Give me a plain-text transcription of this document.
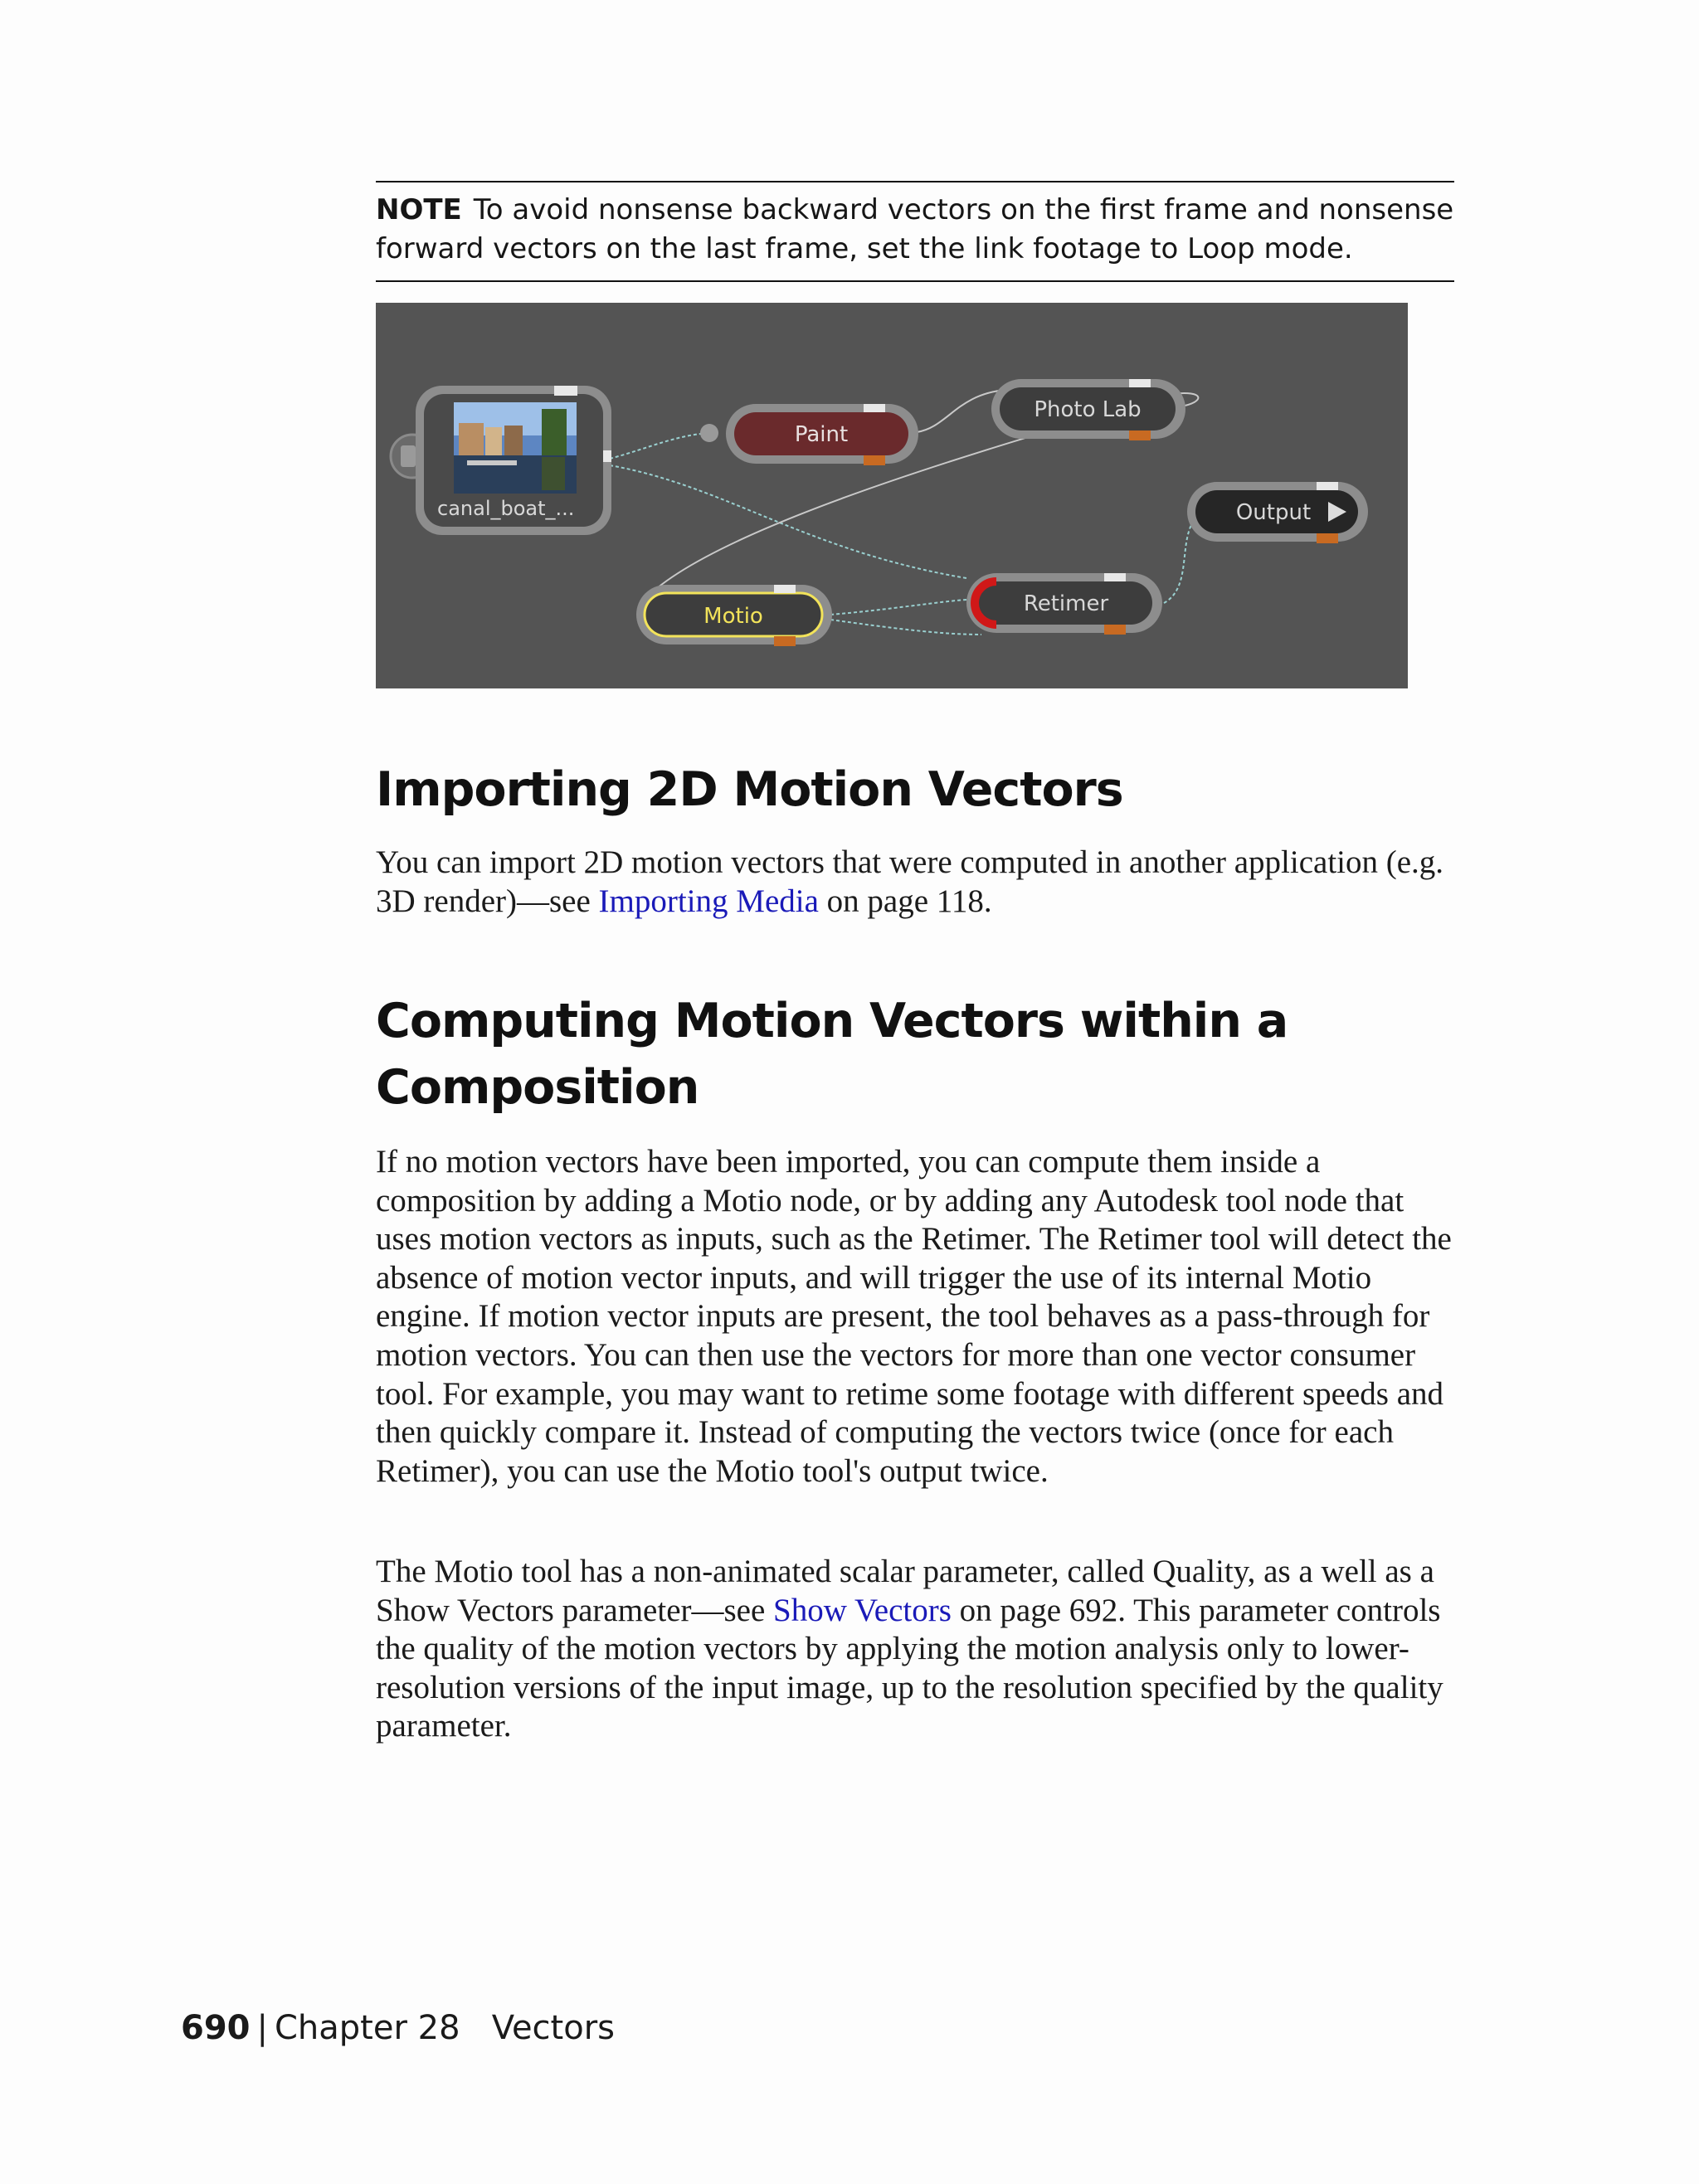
NOTE To avoid nonsense backward vectors on the first frame and nonsense forward vectors on the last frame, set the link footage to Loop mode.
canal_boat_...
Paint
Photo Lab
Output
Motio	Retimer
Importing 2D Motion Vectors

You can import 2D motion vectors that were computed in another application (e.g. 3D render)—see Importing Media on page 118.

Computing Motion Vectors within a Composition

If no motion vectors have been imported, you can compute them inside a composition by adding a Motio node, or by adding any Autodesk tool node that uses motion vectors as inputs, such as the Retimer. The Retimer tool will detect the absence of motion vector inputs, and will trigger the use of its internal Motio engine. If motion vector inputs are present, the tool behaves as a pass-through for motion vectors. You can then use the vectors for more than one vector consumer tool. For example, you may want to retime some footage with different speeds and then quickly compare it. Instead of computing the vectors twice (once for each Retimer), you can use the Motio tool's output twice.

The Motio tool has a non-animated scalar parameter, called Quality, as a well as a Show Vectors parameter—see Show Vectors on page 692. This parameter controls the quality of the motion vectors by applying the motion analysis only to lower-resolution versions of the input image, up to the resolution specified by the quality parameter.

690 | Chapter 28 Vectors
